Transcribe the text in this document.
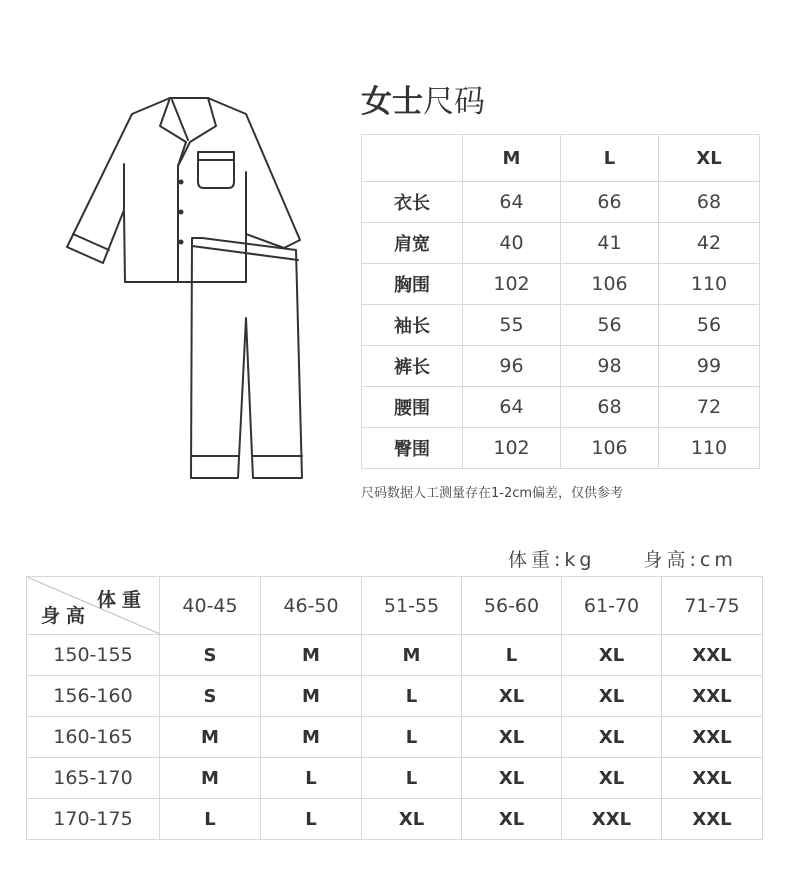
女士尺码
	M	L	XL
衣长	64	66	68
肩宽	40	41	42
胸围	102	106	110
袖长	55	56	56
裤长	96	98	99
腰围	64	68	72
臀围	102	106	110
尺码数据人工测量存在1-2cm偏差，仅供参考
体重:kg	身高:cm
体重
身高	40-45	46-50	51-55	56-60	61-70	71-75
150-155	S	M	M	L	XL	XXL
156-160	S	M	L	XL	XL	XXL
160-165	M	M	L	XL	XL	XXL
165-170	M	L	L	XL	XL	XXL
170-175	L	L	XL	XL	XXL	XXL
